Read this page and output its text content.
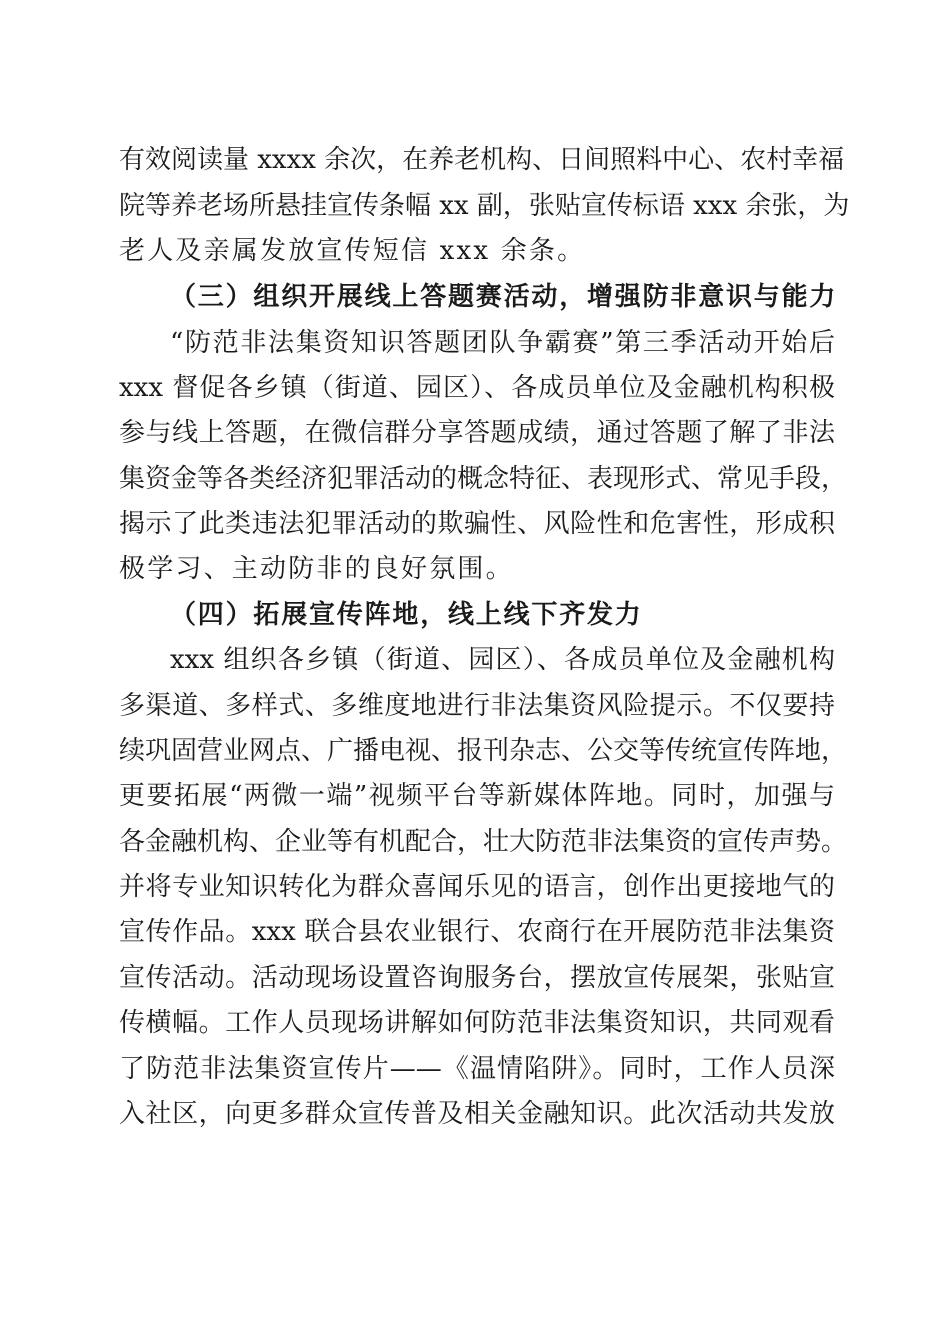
有效阅读量 xxxx 余次，在养老机构、日间照料中心、农村幸福
院等养老场所悬挂宣传条幅 xx 副，张贴宣传标语 xxx 余张，为
老人及亲属发放宣传短信 xxx 余条。
（三）组织开展线上答题赛活动，增强防非意识与能力
“防范非法集资知识答题团队争霸赛”第三季活动开始后
xxx 督促各乡镇（街道、园区）、各成员单位及金融机构积极
参与线上答题，在微信群分享答题成绩，通过答题了解了非法
集资金等各类经济犯罪活动的概念特征、表现形式、常见手段，
揭示了此类违法犯罪活动的欺骗性、风险性和危害性，形成积
极学习、主动防非的良好氛围。
（四）拓展宣传阵地，线上线下齐发力
xxx 组织各乡镇（街道、园区）、各成员单位及金融机构
多渠道、多样式、多维度地进行非法集资风险提示。不仅要持
续巩固营业网点、广播电视、报刊杂志、公交等传统宣传阵地，
更要拓展“两微一端”视频平台等新媒体阵地。同时，加强与
各金融机构、企业等有机配合，壮大防范非法集资的宣传声势。
并将专业知识转化为群众喜闻乐见的语言，创作出更接地气的
宣传作品。xxx 联合县农业银行、农商行在开展防范非法集资
宣传活动。活动现场设置咨询服务台，摆放宣传展架，张贴宣
传横幅。工作人员现场讲解如何防范非法集资知识，共同观看
了防范非法集资宣传片——《温情陷阱》。同时，工作人员深
入社区，向更多群众宣传普及相关金融知识。此次活动共发放
